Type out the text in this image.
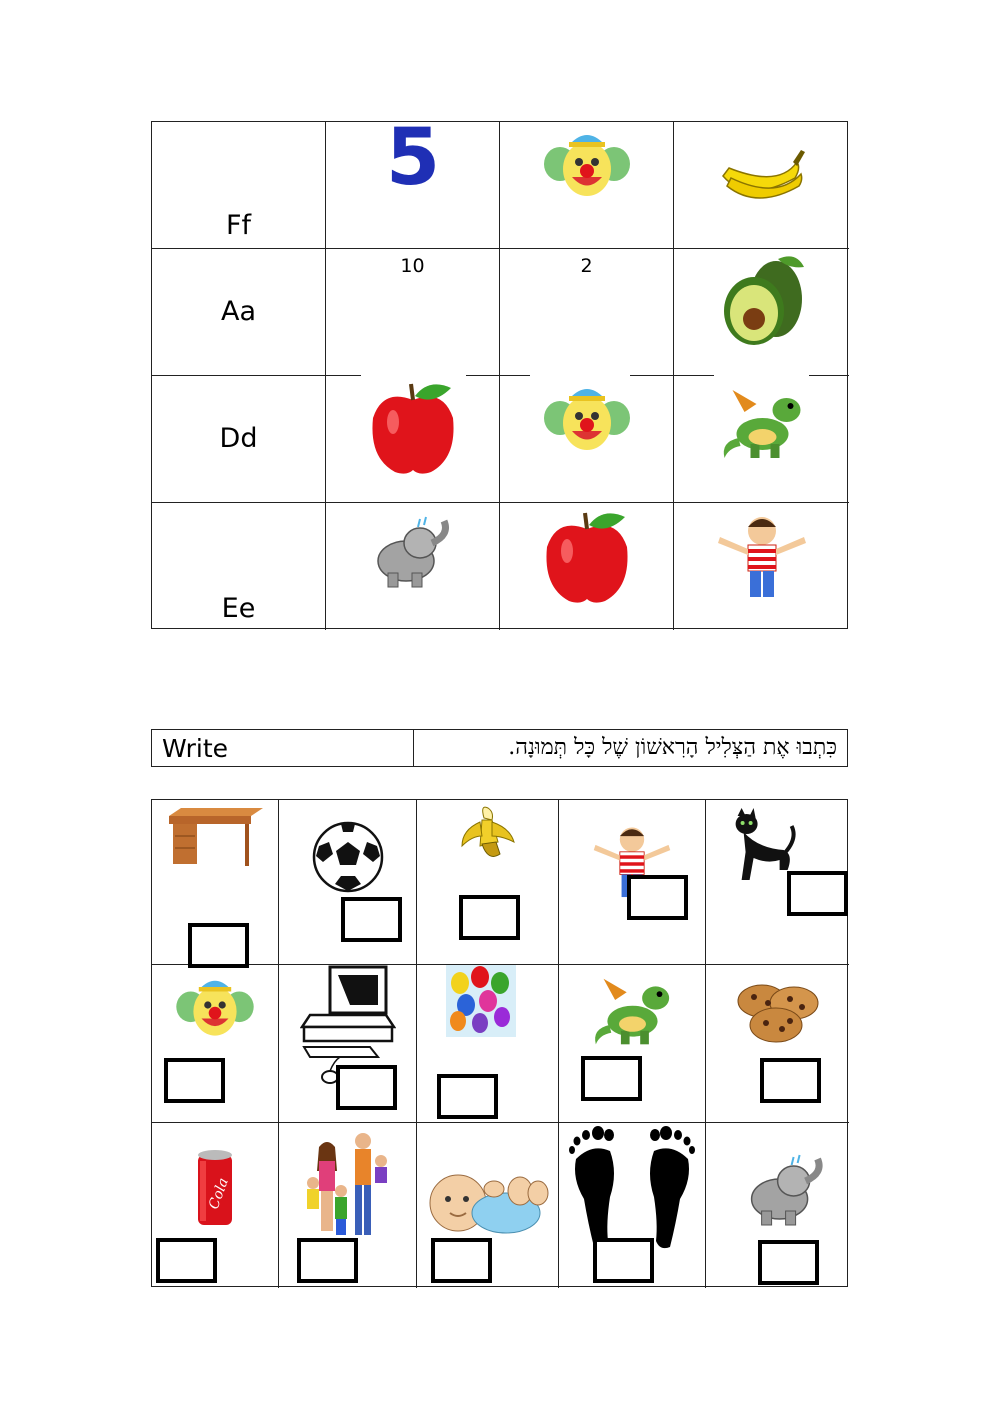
Ff
5
Aa
10	2
Dd
Ee
Write	כִּתְבוּ אֶת הַצְּלִיל הָרִאשׁוֹן שֶׁל כָּל תְּמוּנָה.
Cola
